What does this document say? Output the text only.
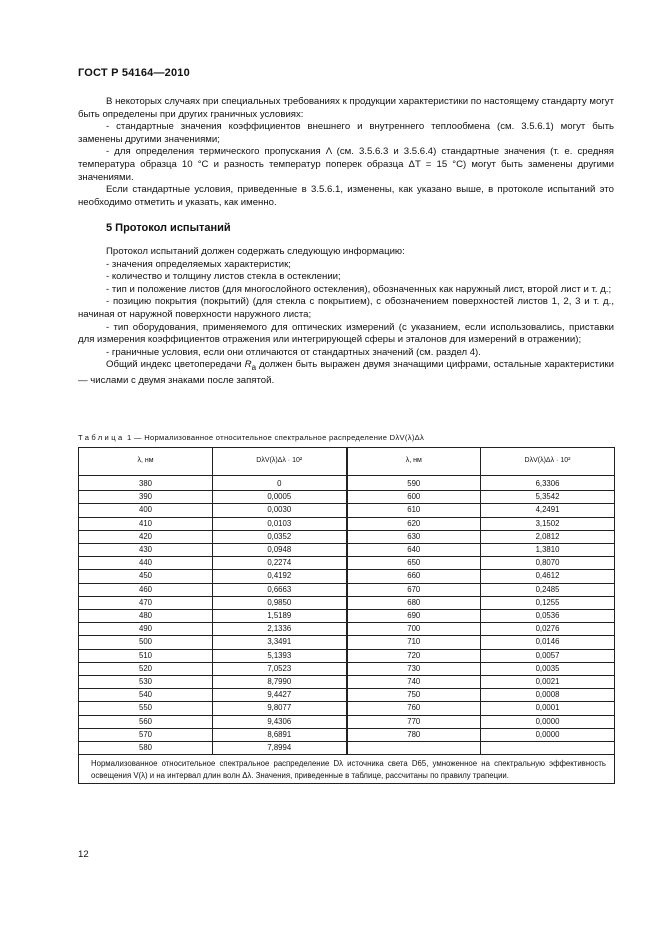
ГОСТ Р 54164—2010

В некоторых случаях при специальных требованиях к продукции характеристики по настоящему стандарту могут быть определены при других граничных условиях:

- стандартные значения коэффициентов внешнего и внутреннего теплообмена (см. 3.5.6.1) могут быть заменены другими значениями;

- для определения термического пропускания Λ (см. 3.5.6.3 и 3.5.6.4) стандартные значения (т. е. средняя температура образца 10 °С и разность температур поперек образца ΔT = 15 °С) могут быть заменены другими значениями.

Если стандартные условия, приведенные в 3.5.6.1, изменены, как указано выше, в протоколе испытаний это необходимо отметить и указать, как именно.

5 Протокол испытаний

Протокол испытаний должен содержать следующую информацию:

- значения определяемых характеристик;

- количество и толщину листов стекла в остеклении;

- тип и положение листов (для многослойного остекления), обозначенных как наружный лист, второй лист и т. д.;

- позицию покрытия (покрытий) (для стекла с покрытием), с обозначением поверхностей листов 1, 2, 3 и т. д., начиная от наружной поверхности наружного листа;

- тип оборудования, применяемого для оптических измерений (с указанием, если использовались, приставки для измерения коэффициентов отражения или интегрирующей сферы и эталонов для измерений в отражении);

- граничные условия, если они отличаются от стандартных значений (см. раздел 4).

Общий индекс цветопередачи $R_a$ должен быть выражен двумя значащими цифрами, остальные характеристики — числами с двумя знаками после запятой.

Таблица 1 — Нормализованное относительное спектральное распределение DλV(λ)Δλ
λ, нм	DλV(λ)Δλ · 10²	λ, нм	DλV(λ)Δλ · 10²
380	0	590	6,3306
390	0,0005	600	5,3542
400	0,0030	610	4,2491
410	0,0103	620	3,1502
420	0,0352	630	2,0812
430	0,0948	640	1,3810
440	0,2274	650	0,8070
450	0,4192	660	0,4612
460	0,6663	670	0,2485
470	0,9850	680	0,1255
480	1,5189	690	0,0536
490	2,1336	700	0,0276
500	3,3491	710	0,0146
510	5,1393	720	0,0057
520	7,0523	730	0,0035
530	8,7990	740	0,0021
540	9,4427	750	0,0008
550	9,8077	760	0,0001
560	9,4306	770	0,0000
570	8,6891	780	0,0000
580	7,8994		
Нормализованное относительное спектральное распределение Dλ источника света D65, умноженное на спектральную эффективность освещения V(λ) и на интервал длин волн Δλ. Значения, приведенные в таблице, рассчитаны по правилу трапеции.			
12
